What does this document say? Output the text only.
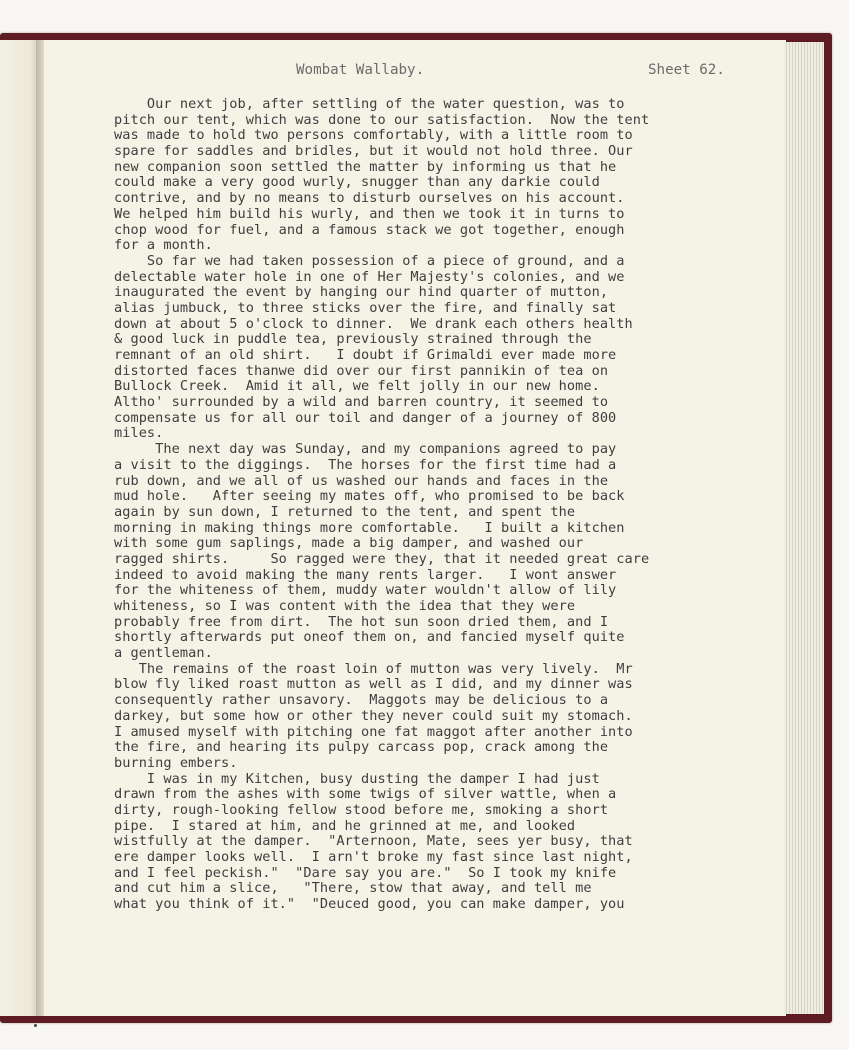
Wombat Wallaby.	Sheet 62.
Our next job, after settling of the water question, was to
pitch our tent, which was done to our satisfaction.  Now the tent
was made to hold two persons comfortably, with a little room to
spare for saddles and bridles, but it would not hold three. Our
new companion soon settled the matter by informing us that he
could make a very good wurly, snugger than any darkie could
contrive, and by no means to disturb ourselves on his account.
We helped him build his wurly, and then we took it in turns to
chop wood for fuel, and a famous stack we got together, enough
for a month.
So far we had taken possession of a piece of ground, and a
delectable water hole in one of Her Majesty's colonies, and we
inaugurated the event by hanging our hind quarter of mutton,
alias jumbuck, to three sticks over the fire, and finally sat
down at about 5 o'clock to dinner.  We drank each others health
& good luck in puddle tea, previously strained through the
remnant of an old shirt.   I doubt if Grimaldi ever made more
distorted faces thanwe did over our first pannikin of tea on
Bullock Creek.  Amid it all, we felt jolly in our new home.
Altho' surrounded by a wild and barren country, it seemed to
compensate us for all our toil and danger of a journey of 800
miles.
The next day was Sunday, and my companions agreed to pay
a visit to the diggings.  The horses for the first time had a
rub down, and we all of us washed our hands and faces in the
mud hole.   After seeing my mates off, who promised to be back
again by sun down, I returned to the tent, and spent the
morning in making things more comfortable.   I built a kitchen
with some gum saplings, made a big damper, and washed our
ragged shirts.     So ragged were they, that it needed great care
indeed to avoid making the many rents larger.   I wont answer
for the whiteness of them, muddy water wouldn't allow of lily
whiteness, so I was content with the idea that they were
probably free from dirt.  The hot sun soon dried them, and I
shortly afterwards put oneof them on, and fancied myself quite
a gentleman.
The remains of the roast loin of mutton was very lively.  Mr
blow fly liked roast mutton as well as I did, and my dinner was
consequently rather unsavory.  Maggots may be delicious to a
darkey, but some how or other they never could suit my stomach.
I amused myself with pitching one fat maggot after another into
the fire, and hearing its pulpy carcass pop, crack among the
burning embers.
I was in my Kitchen, busy dusting the damper I had just
drawn from the ashes with some twigs of silver wattle, when a
dirty, rough-looking fellow stood before me, smoking a short
pipe.  I stared at him, and he grinned at me, and looked
wistfully at the damper.  "Arternoon, Mate, sees yer busy, that
ere damper looks well.  I arn't broke my fast since last night,
and I feel peckish."  "Dare say you are."  So I took my knife
and cut him a slice,   "There, stow that away, and tell me
what you think of it."  "Deuced good, you can make damper, you
